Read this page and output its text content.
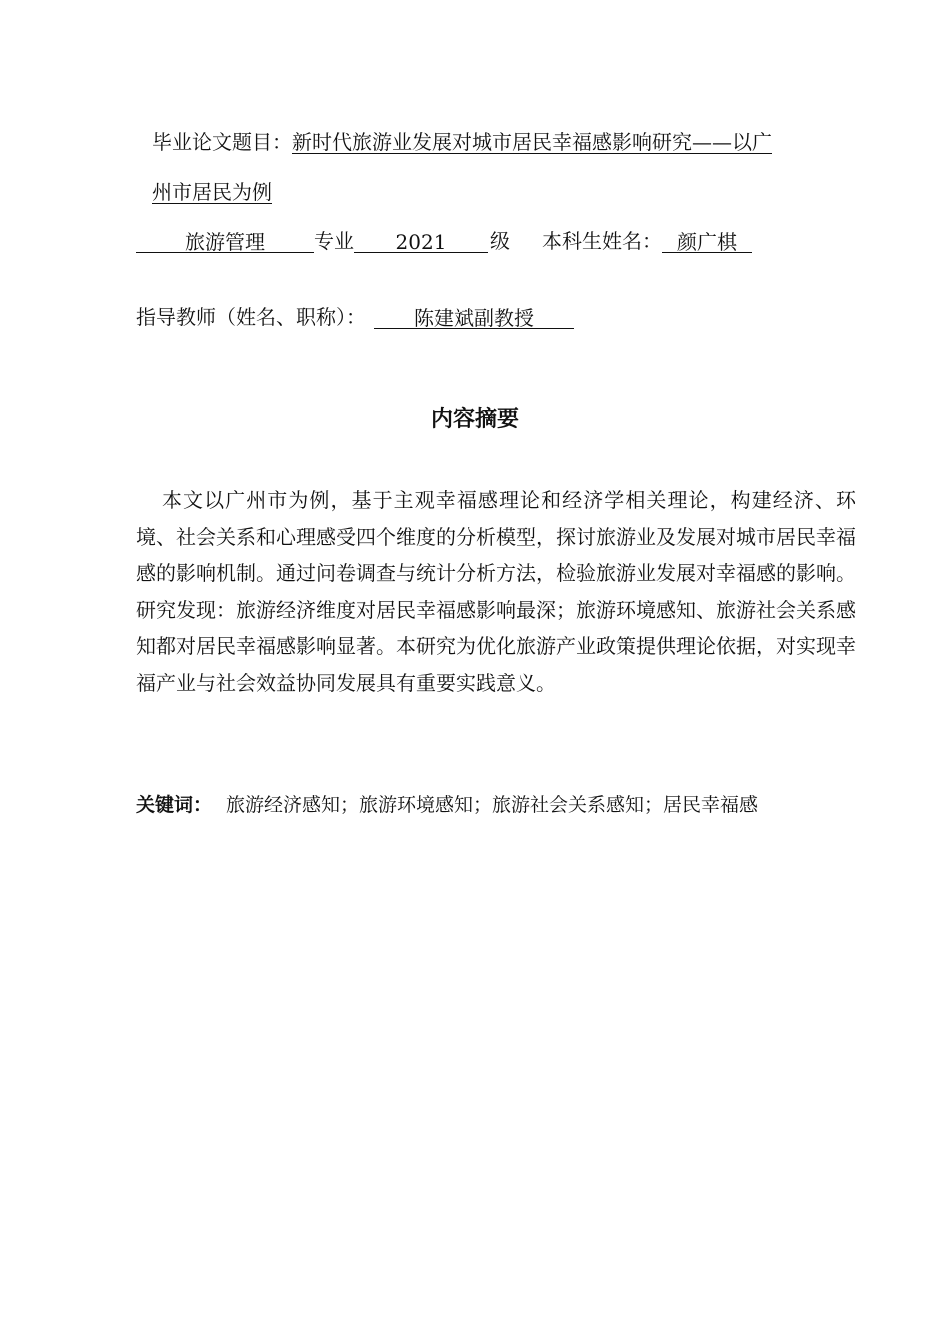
毕业论文题目：新时代旅游业发展对城市居民幸福感影响研究——以广
州市居民为例
旅游管理 专业 2021 级 本科生姓名： 颜广棋
指导教师（姓名、职称）： 陈建斌副教授
内容摘要
本文以广州市为例，基于主观幸福感理论和经济学相关理论，构建经济、环境、社会关系和心理感受四个维度的分析模型，探讨旅游业及发展对城市居民幸福感的影响机制。通过问卷调查与统计分析方法，检验旅游业发展对幸福感的影响。研究发现：旅游经济维度对居民幸福感影响最深；旅游环境感知、旅游社会关系感知都对居民幸福感影响显著。本研究为优化旅游产业政策提供理论依据，对实现幸福产业与社会效益协同发展具有重要实践意义。
关键词： 旅游经济感知；旅游环境感知；旅游社会关系感知；居民幸福感
